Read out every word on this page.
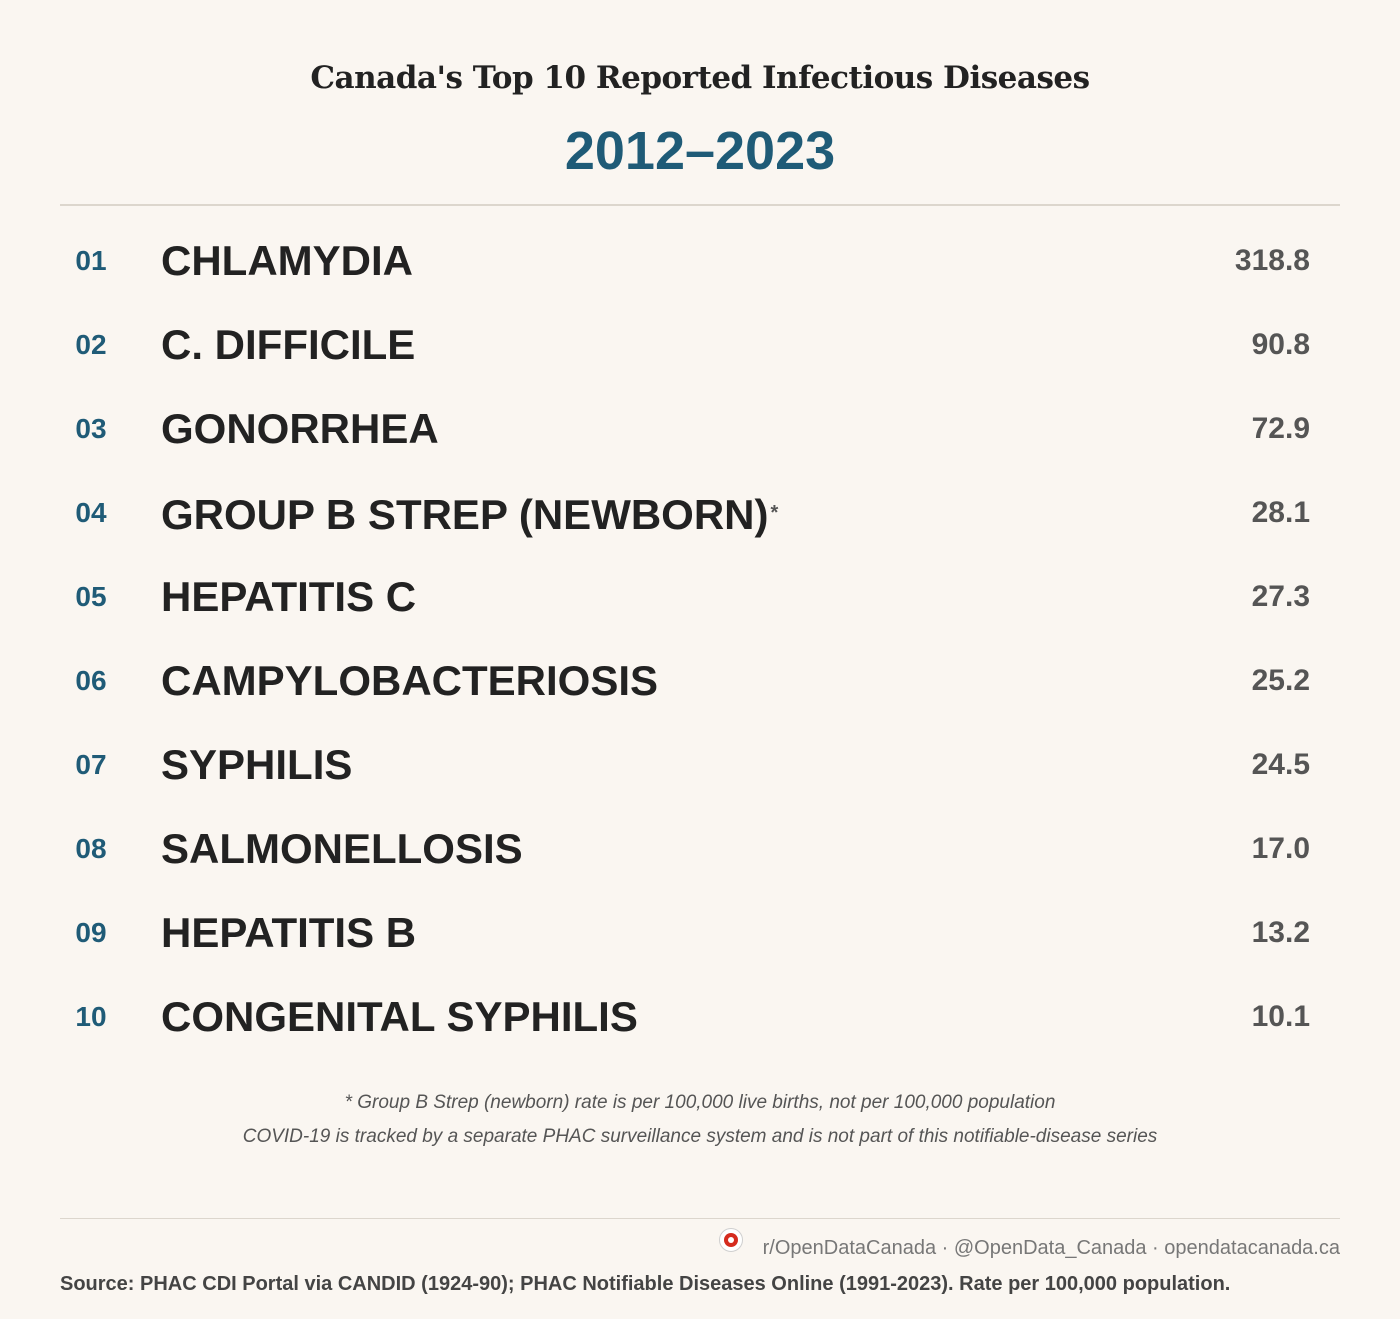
Canada's Top 10 Reported Infectious Diseases
2012–2023
01	CHLAMYDIA	318.8
02	C. DIFFICILE	90.8
03	GONORRHEA	72.9
04	GROUP B STREP (NEWBORN) *	28.1
05	HEPATITIS C	27.3
06	CAMPYLOBACTERIOSIS	25.2
07	SYPHILIS	24.5
08	SALMONELLOSIS	17.0
09	HEPATITIS B	13.2
10	CONGENITAL SYPHILIS	10.1
* Group B Strep (newborn) rate is per 100,000 live births, not per 100,000 population
COVID-19 is tracked by a separate PHAC surveillance system and is not part of this notifiable-disease series
r/OpenDataCanada · @OpenData_Canada · opendatacanada.ca
Source: PHAC CDI Portal via CANDID (1924-90); PHAC Notifiable Diseases Online (1991-2023). Rate per 100,000 population.
